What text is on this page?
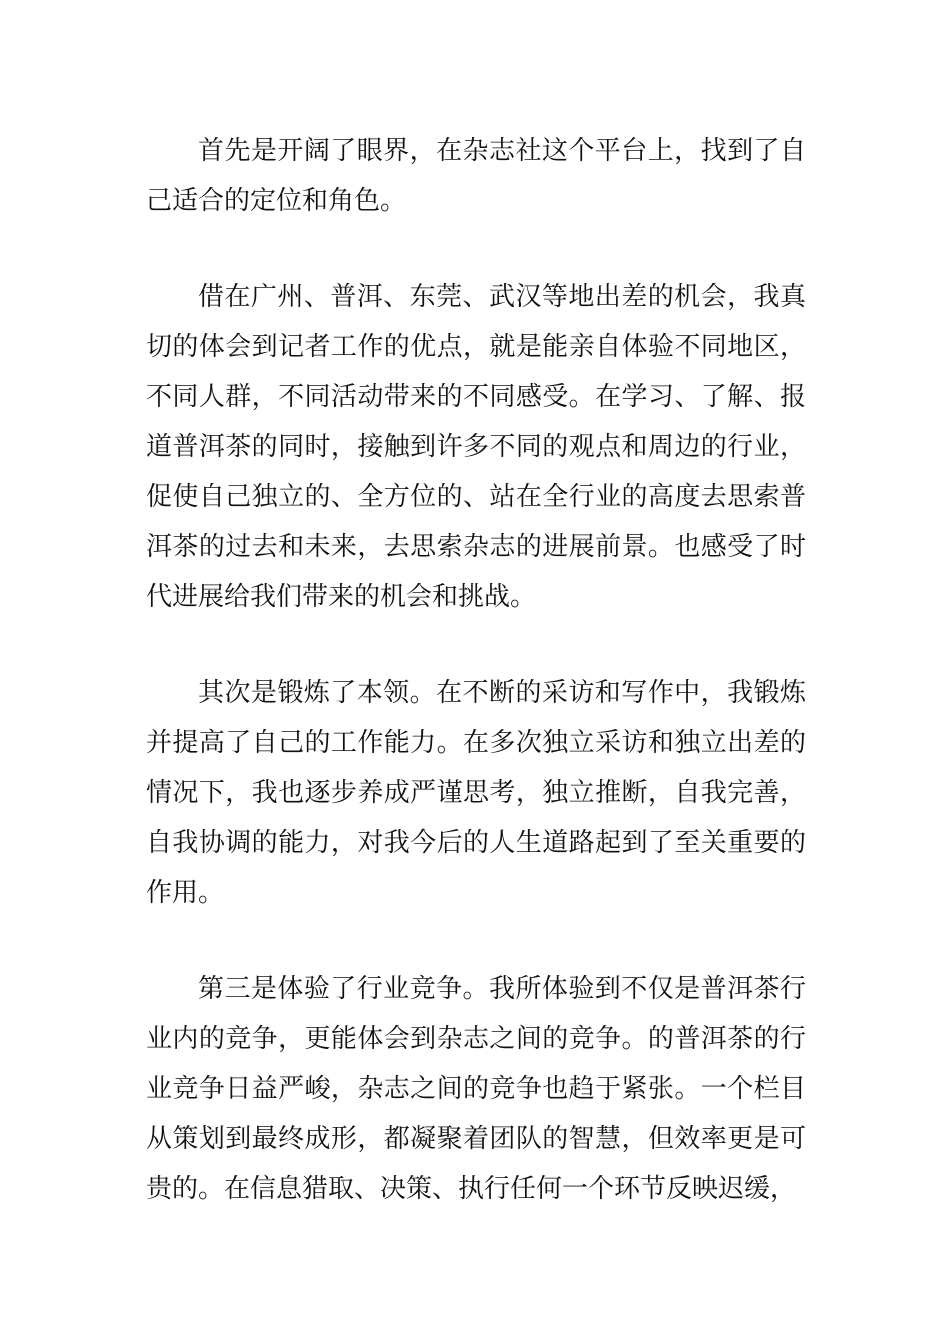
首先是开阔了眼界，在杂志社这个平台上，找到了自己适合的定位和角色。

借在广州、普洱、东莞、武汉等地出差的机会，我真切的体会到记者工作的优点，就是能亲自体验不同地区，不同人群，不同活动带来的不同感受。在学习、了解、报道普洱茶的同时，接触到许多不同的观点和周边的行业，促使自己独立的、全方位的、站在全行业的高度去思索普洱茶的过去和未来，去思索杂志的进展前景。也感受了时代进展给我们带来的机会和挑战。

其次是锻炼了本领。在不断的采访和写作中，我锻炼并提高了自己的工作能力。在多次独立采访和独立出差的情况下，我也逐步养成严谨思考，独立推断，自我完善，自我协调的能力，对我今后的人生道路起到了至关重要的作用。

第三是体验了行业竞争。我所体验到不仅是普洱茶行业内的竞争，更能体会到杂志之间的竞争。的普洱茶的行业竞争日益严峻，杂志之间的竞争也趋于紧张。一个栏目从策划到最终成形，都凝聚着团队的智慧，但效率更是可贵的。在信息猎取、决策、执行任何一个环节反映迟缓，
